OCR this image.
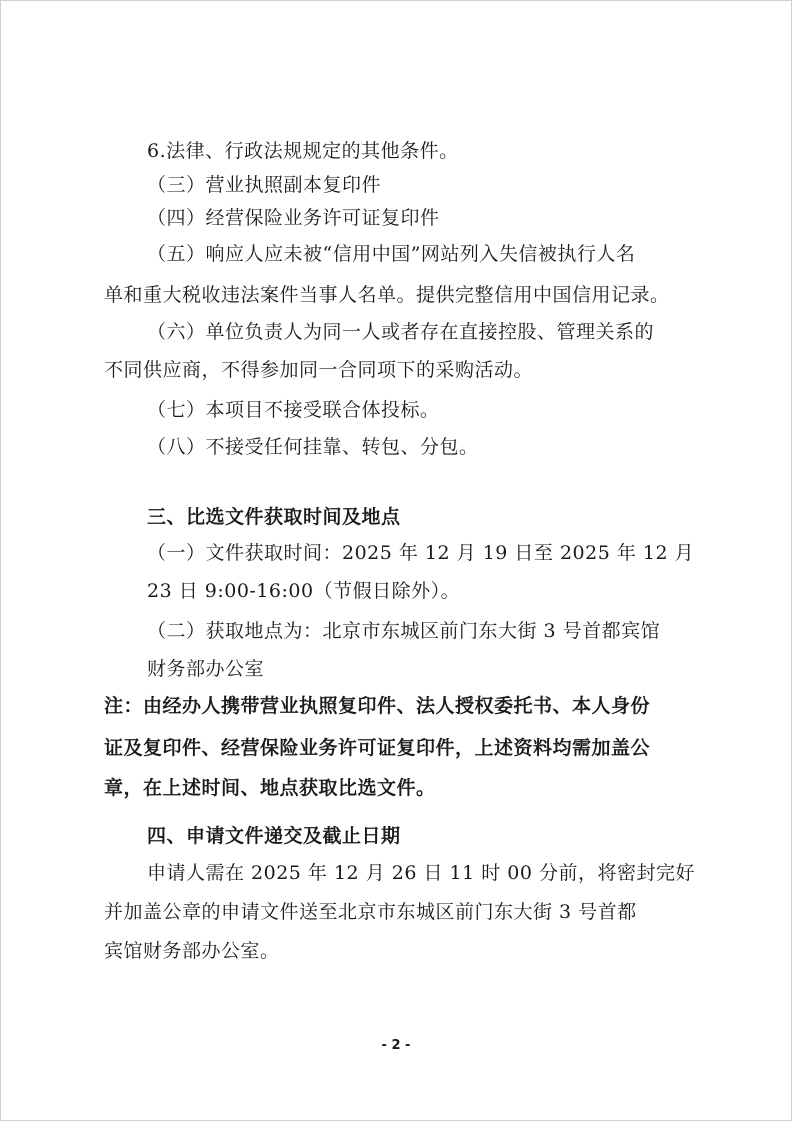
6.法律、行政法规规定的其他条件。
（三）营业执照副本复印件
（四）经营保险业务许可证复印件
（五）响应人应未被“信用中国”网站列入失信被执行人名
单和重大税收违法案件当事人名单。提供完整信用中国信用记录。
（六）单位负责人为同一人或者存在直接控股、管理关系的
不同供应商，不得参加同一合同项下的采购活动。
（七）本项目不接受联合体投标。
（八）不接受任何挂靠、转包、分包。
三、比选文件获取时间及地点
（一）文件获取时间：2025 年 12 月 19 日至 2025 年 12 月
23 日 9:00-16:00（节假日除外）。
（二）获取地点为：北京市东城区前门东大街 3 号首都宾馆
财务部办公室
注：由经办人携带营业执照复印件、法人授权委托书、本人身份
证及复印件、经营保险业务许可证复印件，上述资料均需加盖公
章，在上述时间、地点获取比选文件。
四、申请文件递交及截止日期
申请人需在 2025 年 12 月 26 日 11 时 00 分前，将密封完好
并加盖公章的申请文件送至北京市东城区前门东大街 3 号首都
宾馆财务部办公室。
- 2 -
